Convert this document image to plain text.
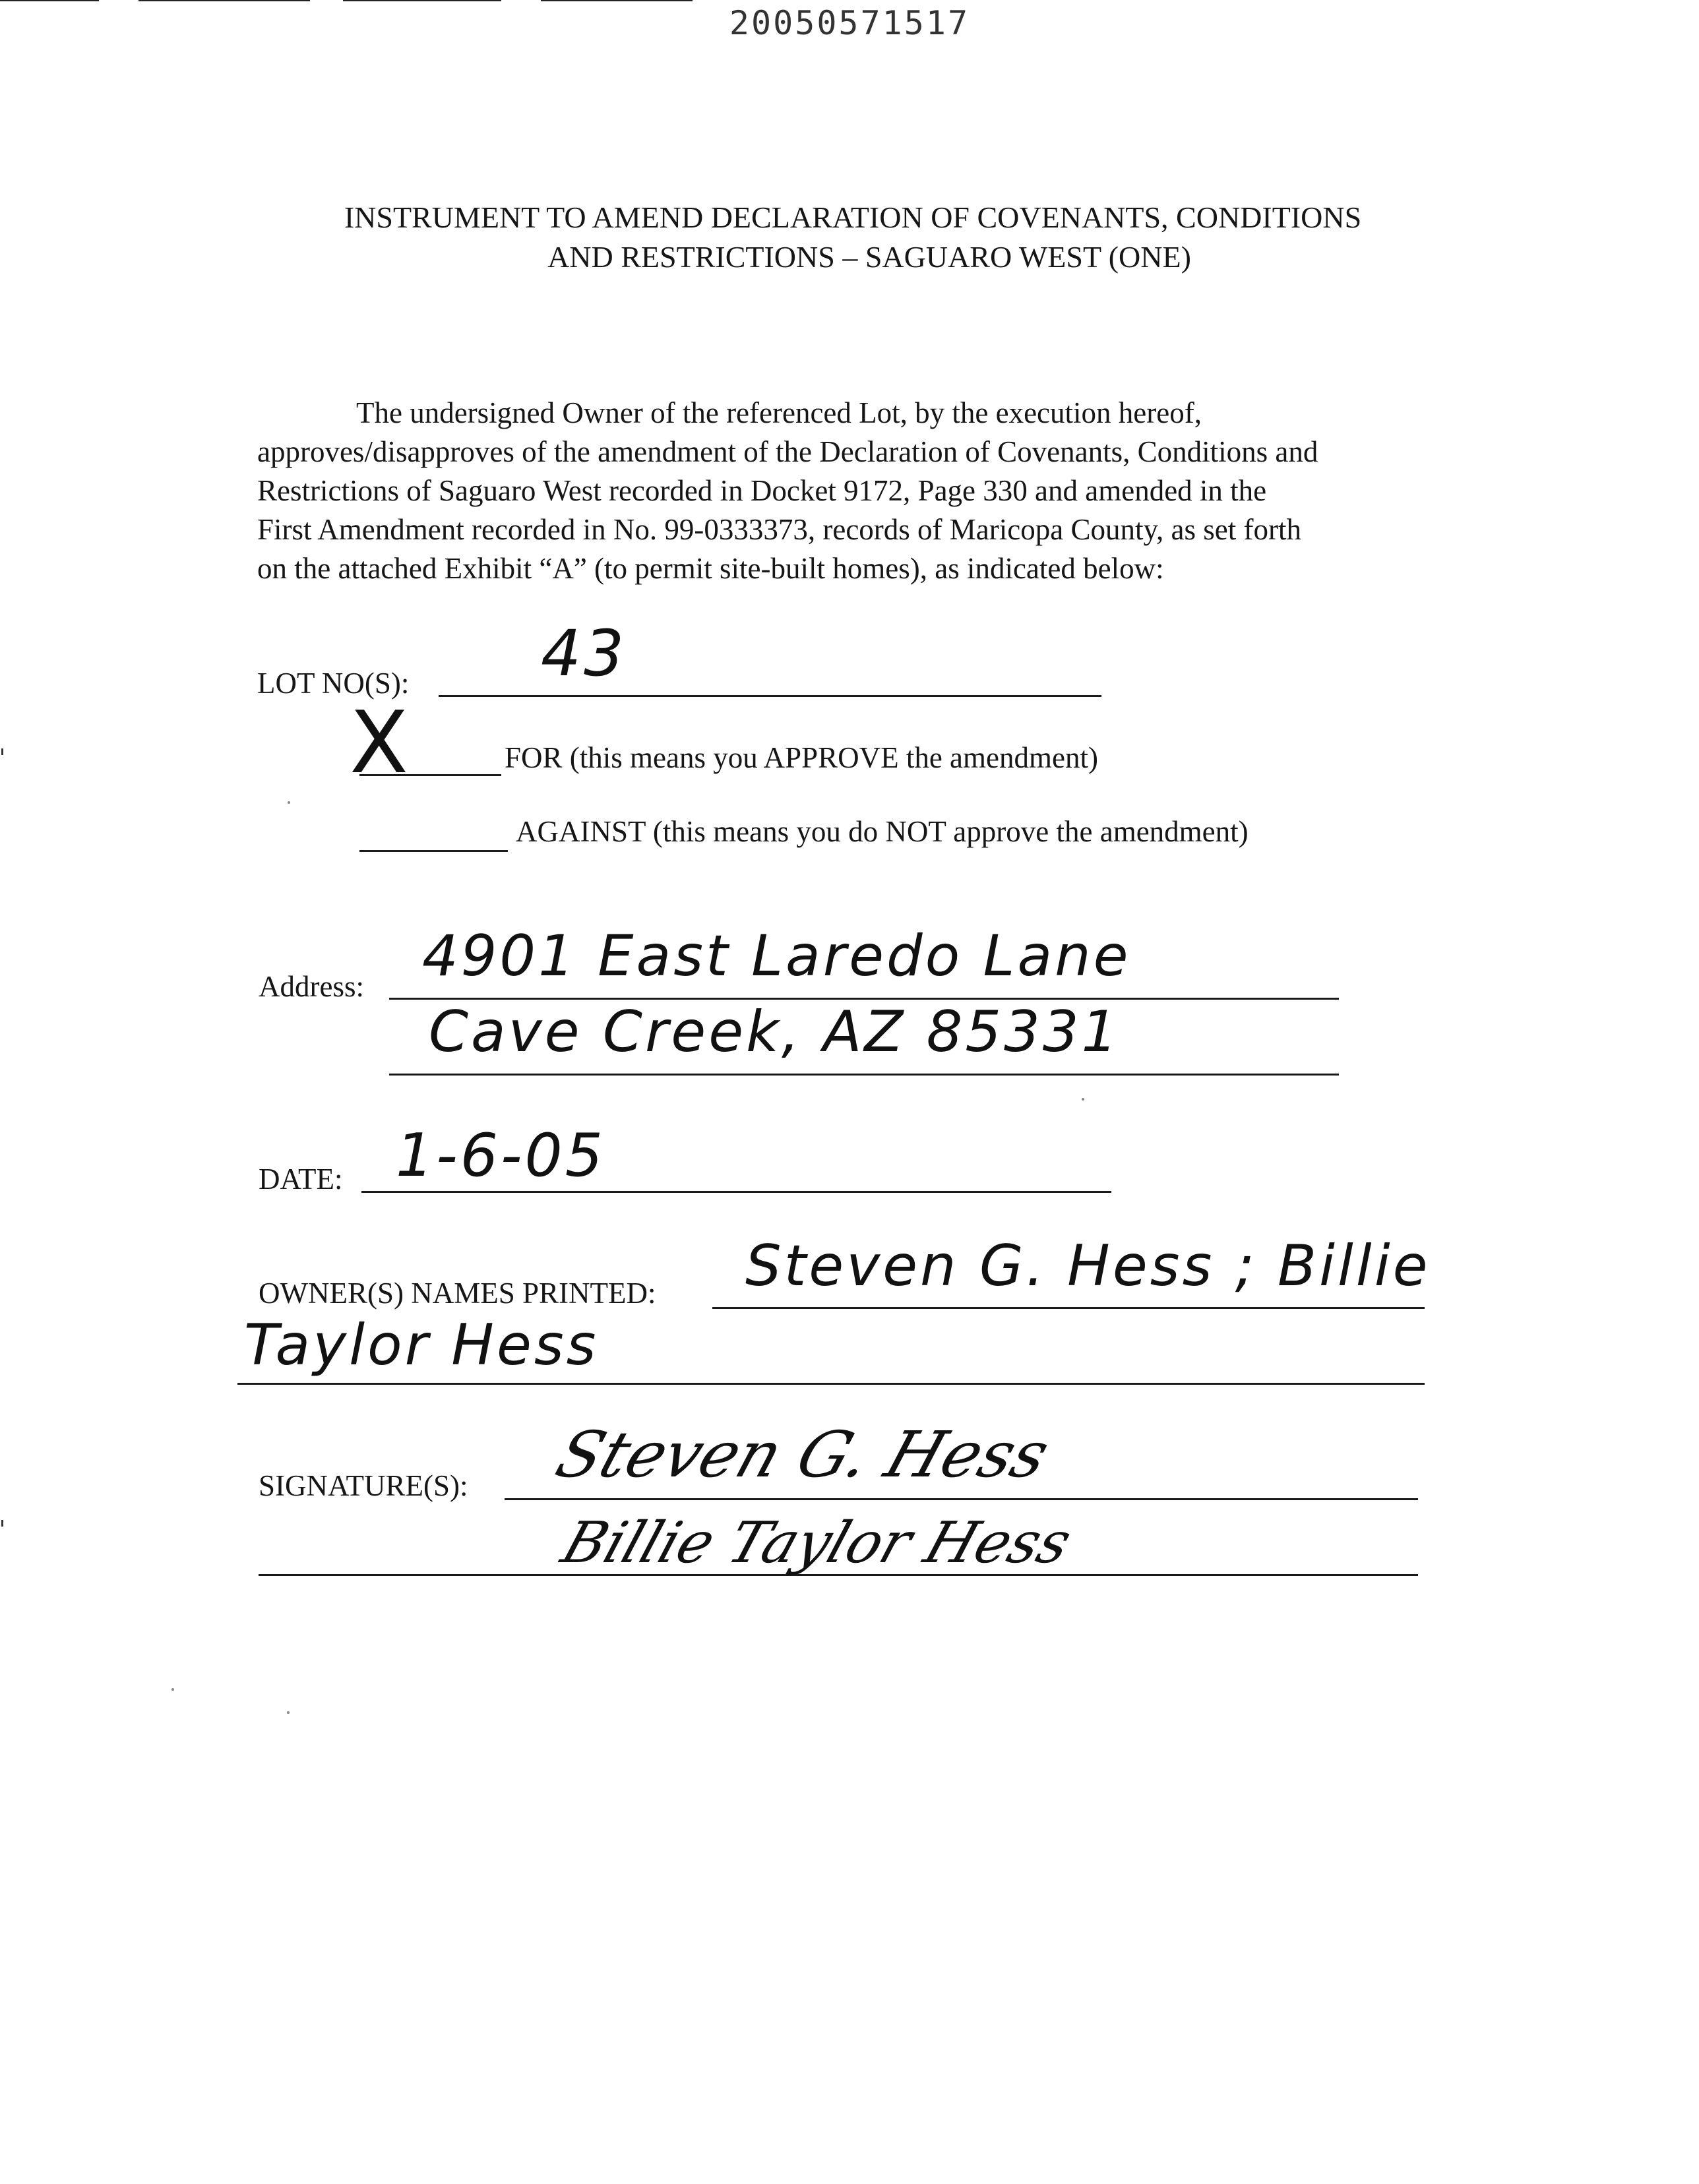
20050571517
INSTRUMENT TO AMEND DECLARATION OF COVENANTS, CONDITIONS
AND RESTRICTIONS – SAGUARO WEST (ONE)
The undersigned Owner of the referenced Lot, by the execution hereof,
approves/disapproves of the amendment of the Declaration of Covenants, Conditions and
Restrictions of Saguaro West recorded in Docket 9172, Page 330 and amended in the
First Amendment recorded in No. 99-0333373, records of Maricopa County, as set forth
on the attached Exhibit “A” (to permit site-built homes), as indicated below:
LOT NO(S): 43
X	FOR (this means you APPROVE the amendment)
AGAINST (this means you do NOT approve the amendment)
Address: 4901 East Laredo Lane
Cave Creek, AZ 85331
DATE: 1-6-05
OWNER(S) NAMES PRINTED: Steven G. Hess ; Billie
Taylor Hess
SIGNATURE(S): Steven G. Hess
Billie Taylor Hess
